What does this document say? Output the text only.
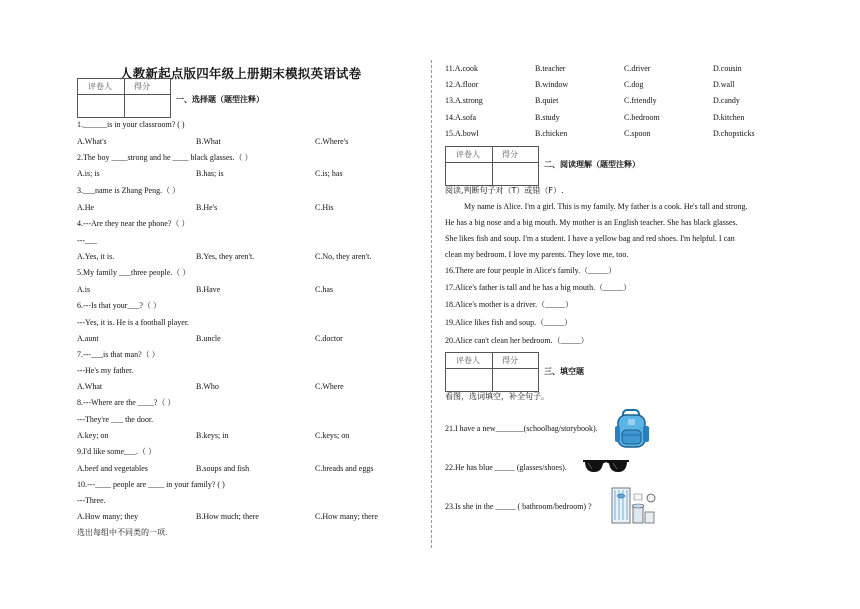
人教新起点版四年级上册期末模拟英语试卷
评卷人	得分
一、选择题（题型注释）
1.______is in your classroom? ( )
A.What's	B.What	C.Where's
2.The boy ____strong and he ____ black glasses.（ ）
A.is; is	B.has; is	C.is; has
3.___name is Zhang Peng.（ ）
A.He	B.He's	C.His
4.---Are they near the phone?（ ）
---___
A.Yes, it is.	B.Yes, they aren't.	C.No, they aren't.
5.My family ___three people.（ ）
A.is	B.Have	C.has
6.---Is that your___?（ ）
---Yes, it is. He is a football player.
A.aunt	B.uncle	C.doctor
7.---___is that man?（ ）
---He's my father.
A.What	B.Who	C.Where
8.---Where are the ____?（ ）
---They're ___ the door.
A.key; on	B.keys; in	C.keys; on
9.I'd like some___.（ ）
A.beef and vegetables	B.soups and fish	C.breads and eggs
10.---____ people are ____ in your family? ( )
---Three.
A.How many; they	B.How much; there	C.How many; there
选出每组中不同类的一项.
11.A.cook	B.teacher	C.driver	D.cousin
12.A.floor	B.window	C.dog	D.wall
13.A.strong	B.quiet	C.friendly	D.candy
14.A.sofa	B.study	C.bedroom	D.kitchen
15.A.bowl	B.chicken	C.spoon	D.chopsticks
评卷人	得分
二、阅读理解（题型注释）
阅读,判断句子对（T）或错（F）.
My name is Alice. I'm a girl. This is my family. My father is a cook. He's tall and strong.
He has a big nose and a big mouth. My mother is an English teacher. She has black glasses.
She likes fish and soup. I'm a student. I have a yellow bag and red shoes. I'm helpful. I can
clean my bedroom. I love my parents. They love me, too.
16.There are four people in Alice's family.（_____）
17.Alice's father is tall and he has a big mouth.（_____）
18.Alice's mother is a driver.（_____）
19.Alice likes fish and soup.（_____）
20.Alice can't clean her bedroom.（_____）
评卷人	得分
三、填空题
看图，选词填空，补全句子。
21.I have a new_______(schoolbag/storybook).
22.He has blue _____ (glasses/shoes).
23.Is she in the _____ ( bathroom/bedroom) ?
